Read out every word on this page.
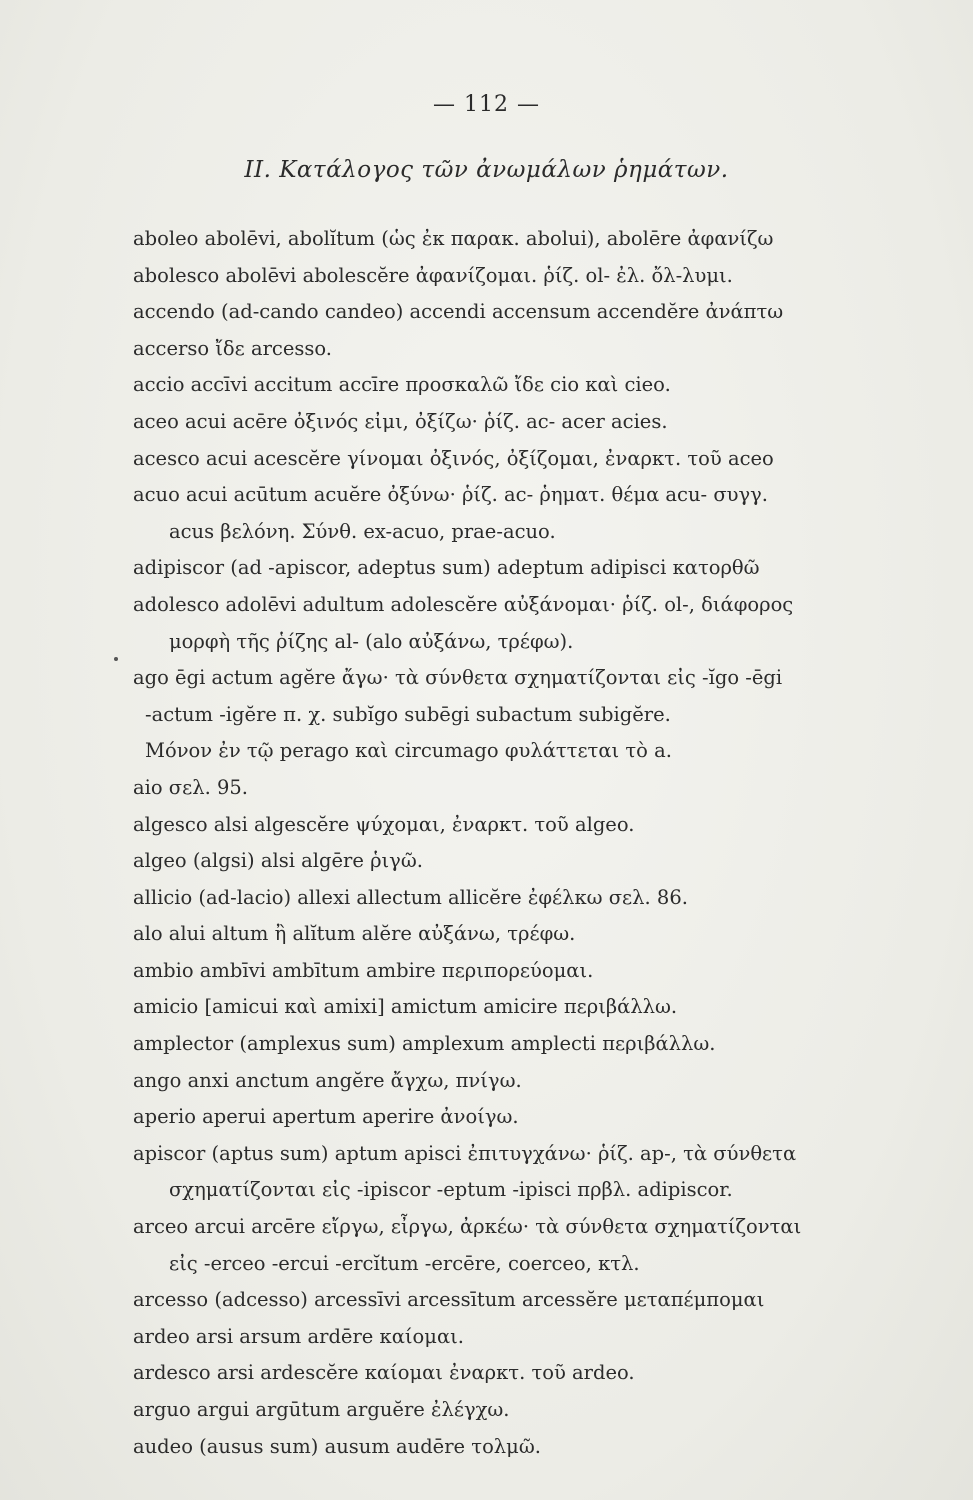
— 112 —
II. Κατάλογος τῶν ἀνωμάλων ῥημάτων.
aboleo abolēvi, abolĭtum (ὡς ἐκ παρακ. abolui), abolēre ἀφανίζω
abolesco abolēvi abolescĕre ἀφανίζομαι. ῥίζ. ol- ἐλ. ὄλ-λυμι.
accendo (ad-cando candeo) accendi accensum accendĕre ἀνάπτω
accerso ἴδε arcesso.
accio accīvi accitum accīre προσκαλῶ ἴδε cio καὶ cieo.
aceo acui acēre ὀξινός εἰμι, ὀξίζω· ῥίζ. ac- acer acies.
acesco acui acescĕre γίνομαι ὀξινός, ὀξίζομαι, ἐναρκτ. τοῦ aceo
acuo acui acūtum acuĕre ὀξύνω· ῥίζ. ac- ῥηματ. θέμα acu- συγγ.
acus βελόνη. Σύνθ. ex-acuo, prae-acuo.
adipiscor (ad -apiscor, adeptus sum) adeptum adipisci κατορθῶ
adolesco adolēvi adultum adolescĕre αὐξάνομαι· ῥίζ. ol-, διάφορος
μορφὴ τῆς ῥίζης al- (alo αὐξάνω, τρέφω).
ago ēgi actum agĕre ἄγω· τὰ σύνθετα σχηματίζονται εἰς -ĭgo -ēgi
-actum -igĕre π. χ. subĭgo subēgi subactum subigĕre.
Μόνον ἐν τῷ perago καὶ circumago φυλάττεται τὸ a.
aio σελ. 95.
algesco alsi algescĕre ψύχομαι, ἐναρκτ. τοῦ algeo.
algeo (algsi) alsi algēre ῥιγῶ.
allicio (ad-lacio) allexi allectum allicĕre ἐφέλκω σελ. 86.
alo alui altum ἢ alĭtum alĕre αὐξάνω, τρέφω.
ambio ambīvi ambītum ambire περιπορεύομαι.
amicio [amicui καὶ amixi] amictum amicire περιβάλλω.
amplector (amplexus sum) amplexum amplecti περιβάλλω.
ango anxi anctum angĕre ἄγχω, πνίγω.
aperio aperui apertum aperire ἀνοίγω.
apiscor (aptus sum) aptum apisci ἐπιτυγχάνω· ῥίζ. ap-, τὰ σύνθετα
σχηματίζονται εἰς -ipiscor -eptum -ipisci πρβλ. adipiscor.
arceo arcui arcēre εἴργω, εἶργω, ἀρκέω· τὰ σύνθετα σχηματίζονται
εἰς -erceo -ercui -ercĭtum -ercēre, coerceo, κτλ.
arcesso (adcesso) arcessīvi arcessītum arcessĕre μεταπέμπομαι
ardeo arsi arsum ardēre καίομαι.
ardesco arsi ardescĕre καίομαι ἐναρκτ. τοῦ ardeo.
arguo argui argūtum arguĕre ἐλέγχω.
audeo (ausus sum) ausum audēre τολμῶ.
